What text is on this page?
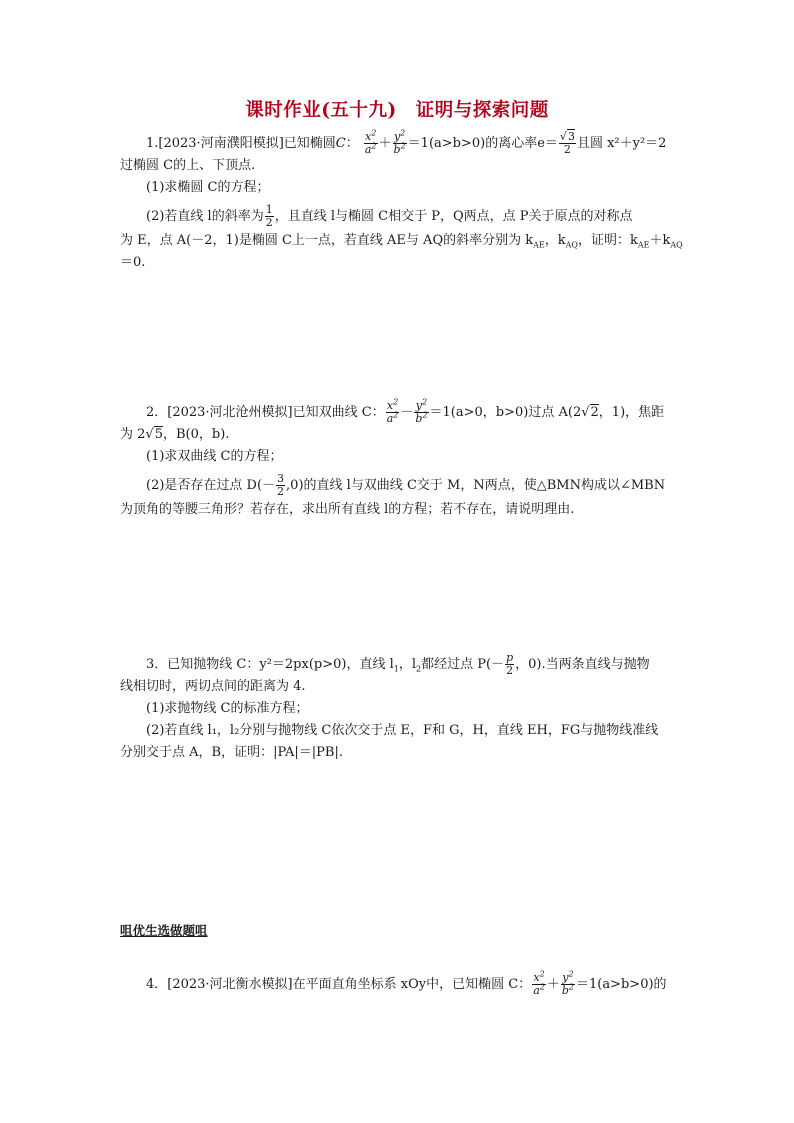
课时作业(五十九)　证明与探索问题
1.[2023·河南濮阳模拟]已知椭圆C： $\frac{x^2}{a^2} + \frac{y^2}{b^2} =1(a>b>0)$的离心率$e= \frac{√3}{2}$ 且圆 x²＋y²＝2
过椭圆 C的上、下顶点.
(1)求椭圆 C的方程；
(2)若直线 l的斜率为 $\frac{1}{2}$ ，且直线 l与椭圆 C相交于 P，Q两点，点 P关于原点的对称点
为 E，点 A(－2，1)是椭圆 C上一点，若直线 AE与 AQ的斜率分别为 $k_{AE}$，$k_{AQ}$，证明：$k_{AE}+k_{AQ}$
＝0.
2．[2023·河北沧州模拟]已知双曲线 C： $\frac{x^2}{a^2} - \frac{y^2}{b^2} =1(a>0$，b>0)过点 A(2√2，1)，焦距
为 2√5，B(0，b).
(1)求双曲线 C的方程；
(2)是否存在过点 $D(- \frac{3}{2} ,0)$的直线 l与双曲线 C交于 M，N两点，使△BMN构成以∠MBN
为顶角的等腰三角形？若存在，求出所有直线 l的方程；若不存在，请说明理由.
3．已知抛物线 C：y²＝2px(p>0)，直线 $l_1$，$l_2$都经过点 $P(- \frac{p}{2}$ ，0).当两条直线与抛物
线相切时，两切点间的距离为 4.
(1)求抛物线 C的标准方程；
(2)若直线 l₁，l₂分别与抛物线 C依次交于点 E，F和 G，H，直线 EH，FG与抛物线准线
分别交于点 A，B，证明：|PA|＝|PB|.
咀优生选做题咀
4．[2023·河北衡水模拟]在平面直角坐标系 xOy中，已知椭圆 C： $\frac{x^2}{a^2} + \frac{y^2}{b^2} =1(a>b>0)$的
